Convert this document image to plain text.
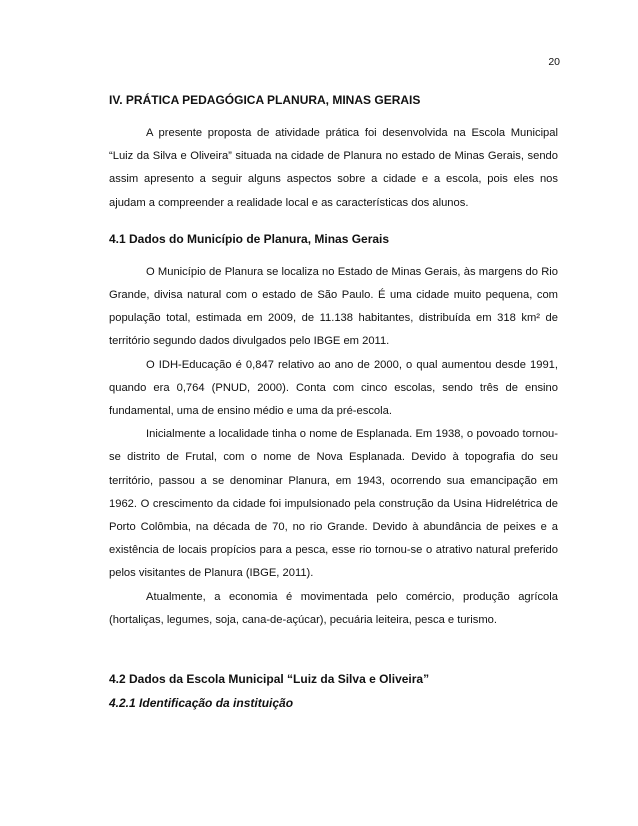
20
IV. PRÁTICA PEDAGÓGICA PLANURA, MINAS GERAIS

A presente proposta de atividade prática foi desenvolvida na Escola Municipal “Luiz da Silva e Oliveira” situada na cidade de Planura no estado de Minas Gerais, sendo assim apresento a seguir alguns aspectos sobre a cidade e a escola, pois eles nos ajudam a compreender a realidade local e as características dos alunos.

4.1 Dados do Município de Planura, Minas Gerais

O Município de Planura se localiza no Estado de Minas Gerais, às margens do Rio Grande, divisa natural com o estado de São Paulo. É uma cidade muito pequena, com população total, estimada em 2009, de 11.138 habitantes, distribuída em 318 km² de território segundo dados divulgados pelo IBGE em 2011.

O IDH-Educação é 0,847 relativo ao ano de 2000, o qual aumentou desde 1991, quando era 0,764 (PNUD, 2000). Conta com cinco escolas, sendo três de ensino fundamental, uma de ensino médio e uma da pré-escola.

Inicialmente a localidade tinha o nome de Esplanada. Em 1938, o povoado tornou-se distrito de Frutal, com o nome de Nova Esplanada. Devido à topografia do seu território, passou a se denominar Planura, em 1943, ocorrendo sua emancipação em 1962. O crescimento da cidade foi impulsionado pela construção da Usina Hidrelétrica de Porto Colômbia, na década de 70, no rio Grande. Devido à abundância de peixes e a existência de locais propícios para a pesca, esse rio tornou-se o atrativo natural preferido pelos visitantes de Planura (IBGE, 2011).

Atualmente, a economia é movimentada pelo comércio, produção agrícola (hortaliças, legumes, soja, cana-de-açúcar), pecuária leiteira, pesca e turismo.

4.2 Dados da Escola Municipal “Luiz da Silva e Oliveira”
4.2.1 Identificação da instituição
